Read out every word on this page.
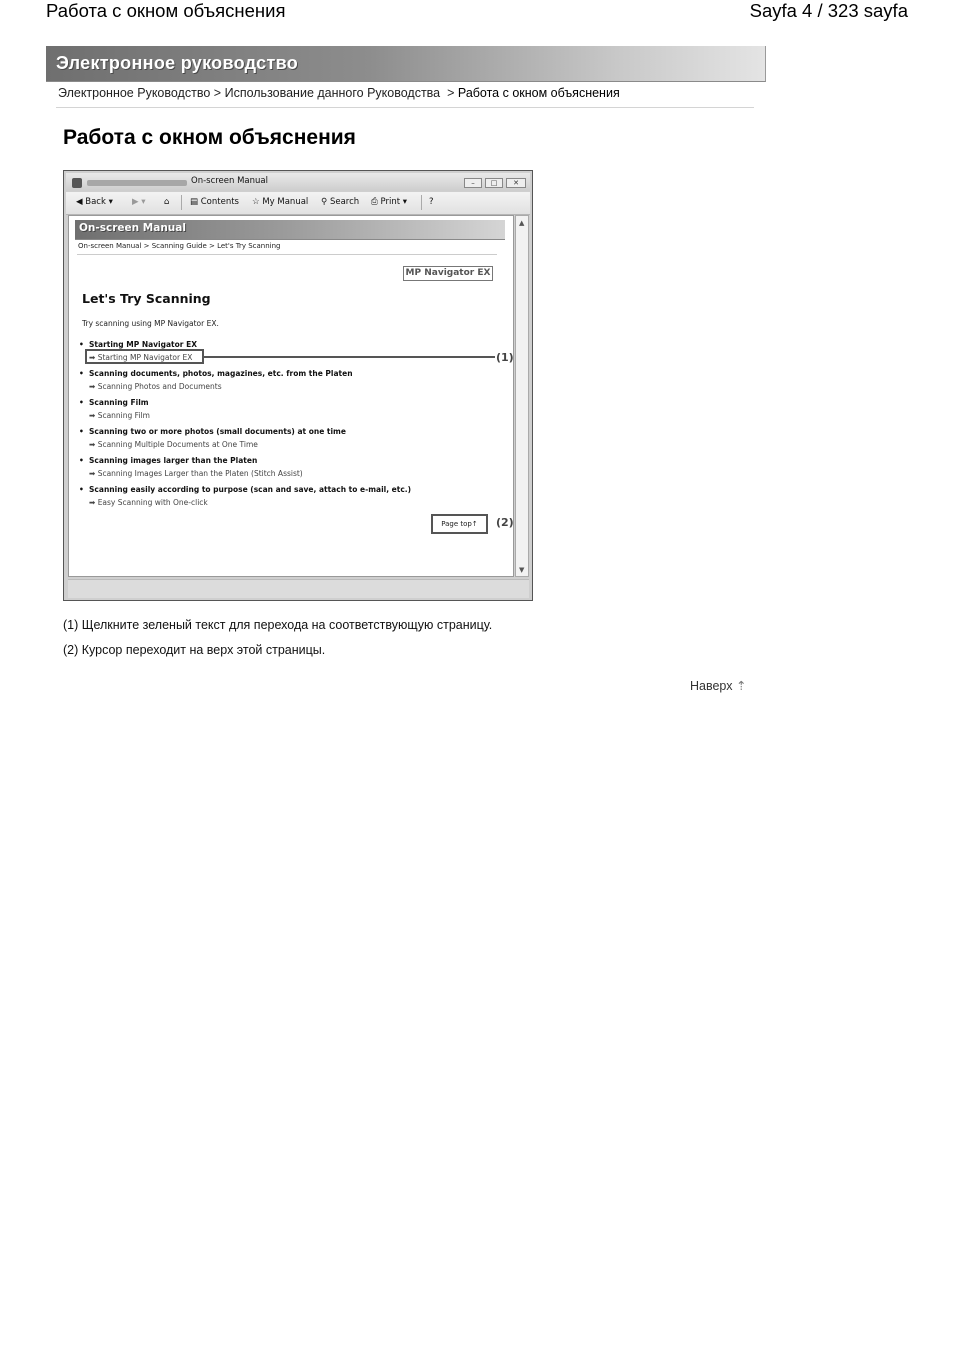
Работа с окном объяснения	Sayfa 4 / 323 sayfa
Электронное руководство
Электронное Руководство > Использование данного Руководства > Работа с окном объяснения
Работа с окном объяснения
On-screen Manual	–	□	✕
◀ Back ▾ ▶ ▾ ⌂ ▤ Contents ☆ My Manual ⚲ Search ⎙ Print ▾	?
On-screen Manual
On-screen Manual > Scanning Guide > Let's Try Scanning
MP Navigator EX
Let's Try Scanning
Try scanning using MP Navigator EX.
•  Starting MP Navigator EX
➡ Starting MP Navigator EX
•  Scanning documents, photos, magazines, etc. from the Platen
➡ Scanning Photos and Documents
•  Scanning Film
➡ Scanning Film
•  Scanning two or more photos (small documents) at one time
➡ Scanning Multiple Documents at One Time
•  Scanning images larger than the Platen
➡ Scanning Images Larger than the Platen (Stitch Assist)
•  Scanning easily according to purpose (scan and save, attach to e-mail, etc.)
➡ Easy Scanning with One-click
Page top↑
(1)
(2)
▲
▼
(1) Щелкните зеленый текст для перехода на соответствующую страницу.
(2) Курсор переходит на верх этой страницы.
Наверх ⇡
